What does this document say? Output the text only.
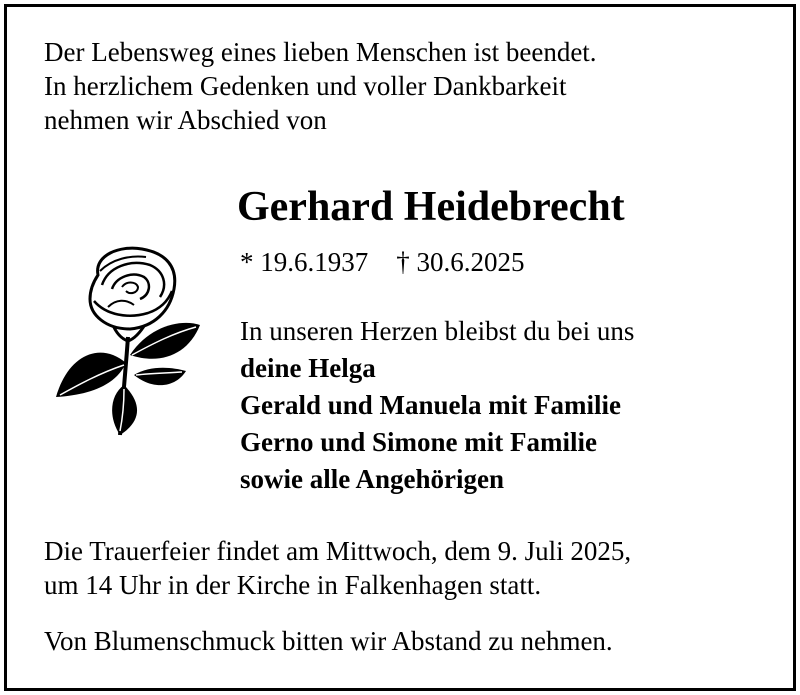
Der Lebensweg eines lieben Menschen ist beendet.
In herzlichem Gedenken und voller Dankbarkeit
nehmen wir Abschied von
Gerhard Heidebrecht
* 19.6.1937 † 30.6.2025
In unseren Herzen bleibst du bei uns
deine Helga
Gerald und Manuela mit Familie
Gerno und Simone mit Familie
sowie alle Angehörigen
Die Trauerfeier findet am Mittwoch, dem 9. Juli 2025,
um 14 Uhr in der Kirche in Falkenhagen statt.
Von Blumenschmuck bitten wir Abstand zu nehmen.
